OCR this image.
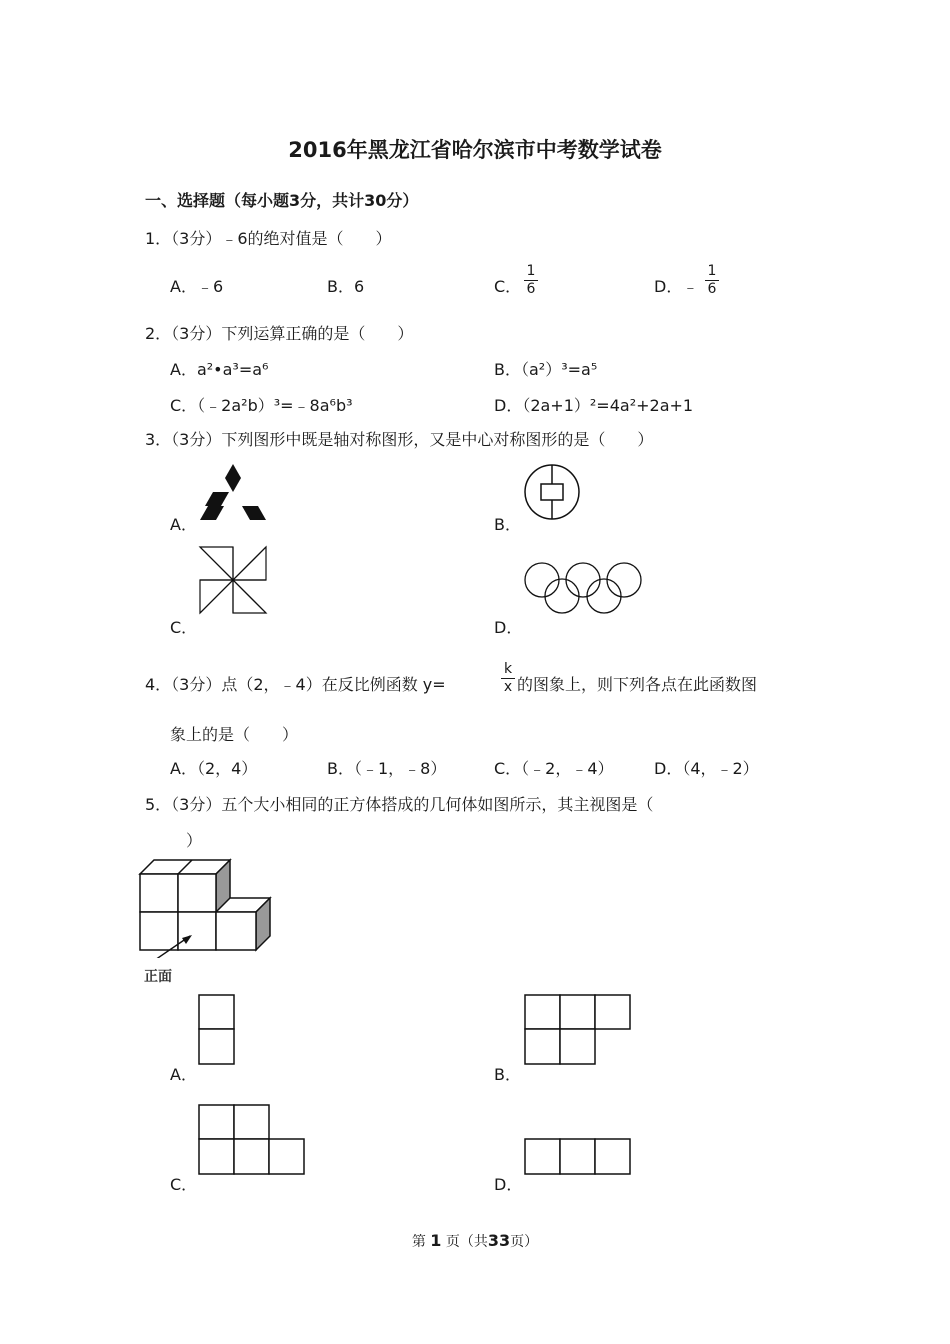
2016年黑龙江省哈尔滨市中考数学试卷
一、选择题（每小题3分，共计30分）
1．（3分）﹣6的绝对值是（　　）
A．﹣6	B．6	C．
1
6	D．﹣
1
6
2．（3分）下列运算正确的是（　　）
A．a²•a³=a⁶	B．（a²）³=a⁵
C．（﹣2a²b）³=﹣8a⁶b³	D．（2a+1）²=4a²+2a+1
3．（3分）下列图形中既是轴对称图形，又是中心对称图形的是（　　）
A．	B．
C．	D．
4．（3分）点（2，﹣4）在反比例函数 y=
k
x 的图象上，则下列各点在此函数图
象上的是（　　）
A．（2，4）	B．（﹣1，﹣8）	C．（﹣2，﹣4）	D．（4，﹣2）
5．（3分）五个大小相同的正方体搭成的几何体如图所示，其主视图是（
）
正面
A．	B．
C．	D．
第 1 页（共33页）
